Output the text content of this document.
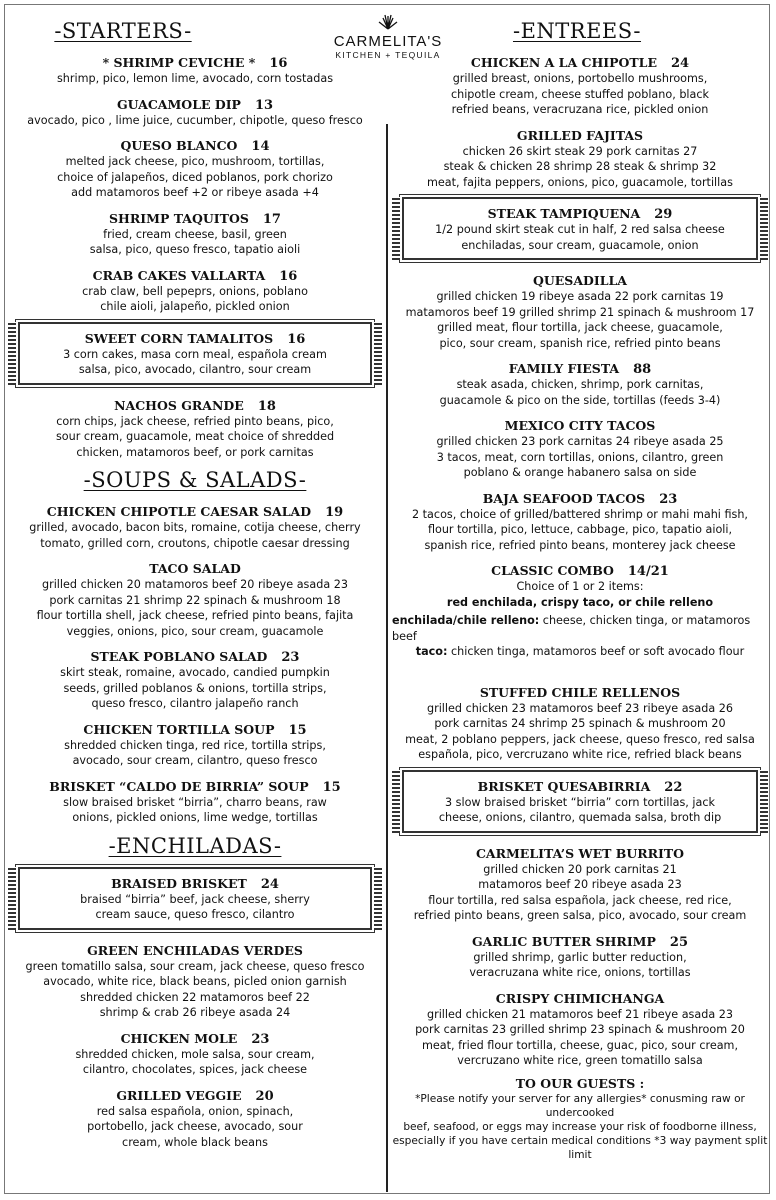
CARMELITA'S
KITCHEN + TEQUILA
-STARTERS-
* SHRIMP CEVICHE * 16
shrimp, pico, lemon lime, avocado, corn tostadas
GUACAMOLE DIP 13
avocado, pico , lime juice, cucumber, chipotle, queso fresco
QUESO BLANCO 14
melted jack cheese, pico, mushroom, tortillas,
choice of jalapeños, diced poblanos, pork chorizo
add matamoros beef +2 or ribeye asada +4
SHRIMP TAQUITOS 17
fried, cream cheese, basil, green
salsa, pico, queso fresco, tapatio aioli
CRAB CAKES VALLARTA 16
crab claw, bell pepeprs, onions, poblano
chile aioli, jalapeño, pickled onion
SWEET CORN TAMALITOS 16
3 corn cakes, masa corn meal, española cream
salsa, pico, avocado, cilantro, sour cream
NACHOS GRANDE 18
corn chips, jack cheese, refried pinto beans, pico,
sour cream, guacamole, meat choice of shredded
chicken, matamoros beef, or pork carnitas
-SOUPS & SALADS-
CHICKEN CHIPOTLE CAESAR SALAD 19
grilled, avocado, bacon bits, romaine, cotija cheese, cherry
tomato, grilled corn, croutons, chipotle caesar dressing
TACO SALAD
grilled chicken 20 matamoros beef 20 ribeye asada 23
pork carnitas 21 shrimp 22 spinach & mushroom 18
flour tortilla shell, jack cheese, refried pinto beans, fajita
veggies, onions, pico, sour cream, guacamole
STEAK POBLANO SALAD 23
skirt steak, romaine, avocado, candied pumpkin
seeds, grilled poblanos & onions, tortilla strips,
queso fresco, cilantro jalapeño ranch
CHICKEN TORTILLA SOUP 15
shredded chicken tinga, red rice, tortilla strips,
avocado, sour cream, cilantro, queso fresco
BRISKET “CALDO DE BIRRIA” SOUP 15
slow braised brisket “birria”, charro beans, raw
onions, pickled onions, lime wedge, tortillas
-ENCHILADAS-
BRAISED BRISKET 24
braised “birria” beef, jack cheese, sherry
cream sauce, queso fresco, cilantro
GREEN ENCHILADAS VERDES
green tomatillo salsa, sour cream, jack cheese, queso fresco
avocado, white rice, black beans, picled onion garnish
shredded chicken 22 matamoros beef 22
shrimp & crab 26 ribeye asada 24
CHICKEN MOLE 23
shredded chicken, mole salsa, sour cream,
cilantro, chocolates, spices, jack cheese
GRILLED VEGGIE 20
red salsa española, onion, spinach,
portobello, jack cheese, avocado, sour
cream, whole black beans
-ENTREES-
CHICKEN A LA CHIPOTLE 24
grilled breast, onions, portobello mushrooms,
chipotle cream, cheese stuffed poblano, black
refried beans, veracruzana rice, pickled onion
GRILLED FAJITAS
chicken 26 skirt steak 29 pork carnitas 27
steak & chicken 28 shrimp 28 steak & shrimp 32
meat, fajita peppers, onions, pico, guacamole, tortillas
STEAK TAMPIQUENA 29
1/2 pound skirt steak cut in half, 2 red salsa cheese
enchiladas, sour cream, guacamole, onion
QUESADILLA
grilled chicken 19 ribeye asada 22 pork carnitas 19
matamoros beef 19 grilled shrimp 21 spinach & mushroom 17
grilled meat, flour tortilla, jack cheese, guacamole,
pico, sour cream, spanish rice, refried pinto beans
FAMILY FIESTA 88
steak asada, chicken, shrimp, pork carnitas,
guacamole & pico on the side, tortillas (feeds 3-4)
MEXICO CITY TACOS
grilled chicken 23 pork carnitas 24 ribeye asada 25
3 tacos, meat, corn tortillas, onions, cilantro, green
poblano & orange habanero salsa on side
BAJA SEAFOOD TACOS 23
2 tacos, choice of grilled/battered shrimp or mahi mahi fish,
flour tortilla, pico, lettuce, cabbage, pico, tapatio aioli,
spanish rice, refried pinto beans, monterey jack cheese
CLASSIC COMBO 14/21
Choice of 1 or 2 items:
red enchilada, crispy taco, or chile relleno
enchilada/chile relleno: cheese, chicken tinga, or matamoros beef
taco: chicken tinga, matamoros beef or soft avocado flour
STUFFED CHILE RELLENOS
grilled chicken 23 matamoros beef 23 ribeye asada 26
pork carnitas 24 shrimp 25 spinach & mushroom 20
meat, 2 poblano peppers, jack cheese, queso fresco, red salsa
española, pico, vercruzano white rice, refried black beans
BRISKET QUESABIRRIA 22
3 slow braised brisket “birria” corn tortillas, jack
cheese, onions, cilantro, quemada salsa, broth dip
CARMELITA’S WET BURRITO
grilled chicken 20 pork carnitas 21
matamoros beef 20 ribeye asada 23
flour tortilla, red salsa española, jack cheese, red rice,
refried pinto beans, green salsa, pico, avocado, sour cream
GARLIC BUTTER SHRIMP 25
grilled shrimp, garlic butter reduction,
veracruzana white rice, onions, tortillas
CRISPY CHIMICHANGA
grilled chicken 21 matamoros beef 21 ribeye asada 23
pork carnitas 23 grilled shrimp 23 spinach & mushroom 20
meat, fried flour tortilla, cheese, guac, pico, sour cream,
vercruzano white rice, green tomatillo salsa
TO OUR GUESTS :
*Please notify your server for any allergies* conusming raw or undercooked
beef, seafood, or eggs may increase your risk of foodborne illness,
especially if you have certain medical conditions *3 way payment split limit
